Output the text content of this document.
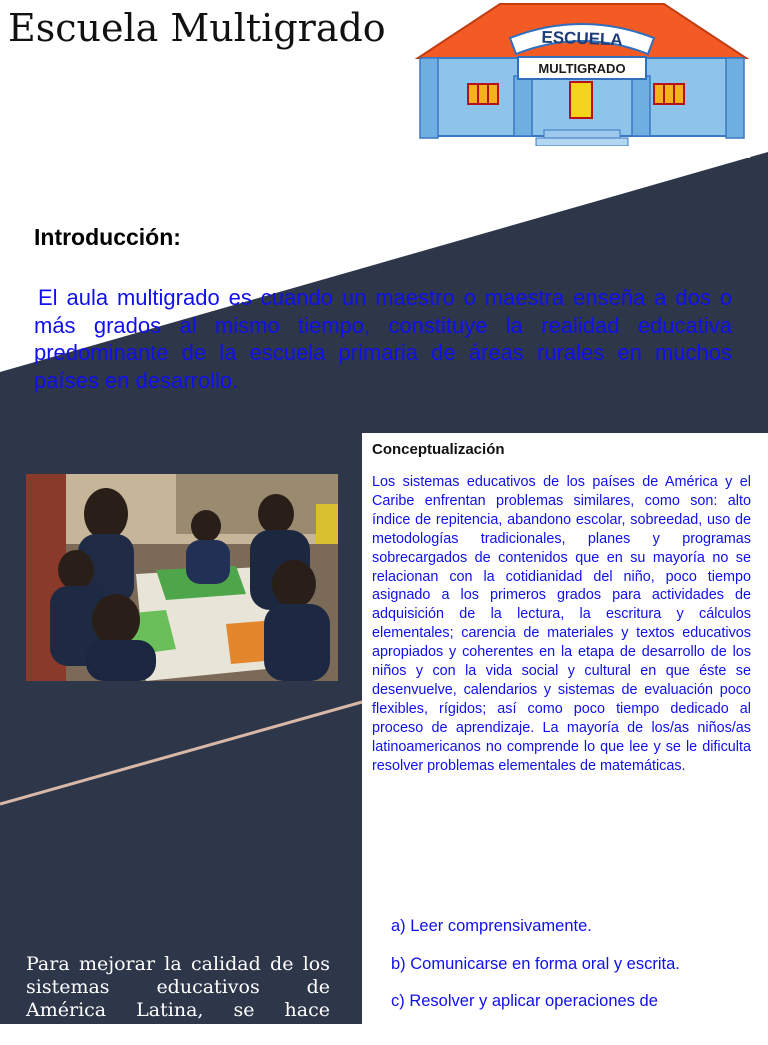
Escuela Multigrado	ESCUELA
MULTIGRADO
Introducción:

El aula multigrado es cuando un maestro o maestra enseña a dos o más grados al mismo tiempo, constituye la realidad educativa predominante de la escuela primaria de áreas rurales en muchos países en desarrollo.

Conceptualización

Los sistemas educativos de los países de América y el Caribe enfrentan problemas similares, como son: alto índice de repitencia, abandono escolar, sobreedad, uso de metodologías tradicionales, planes y programas sobrecargados de contenidos que en su mayoría no se relacionan con la cotidianidad del niño, poco tiempo asignado a los primeros grados para actividades de adquisición de la lectura, la escritura y cálculos elementales; carencia de materiales y textos educativos apropiados y coherentes en la etapa de desarrollo de los niños y con la vida social y cultural en que éste se desenvuelve, calendarios y sistemas de evaluación poco flexibles, rígidos; así como poco tiempo dedicado al proceso de aprendizaje. La mayoría de los/as niños/as latinoamericanos no comprende lo que lee y se le dificulta resolver problemas elementales de matemáticas.

a) Leer comprensivamente.
b) Comunicarse en forma oral y escrita.
c) Resolver y aplicar operaciones de

Para mejorar la calidad de los sistemas educativos de América Latina, se hace necesario
